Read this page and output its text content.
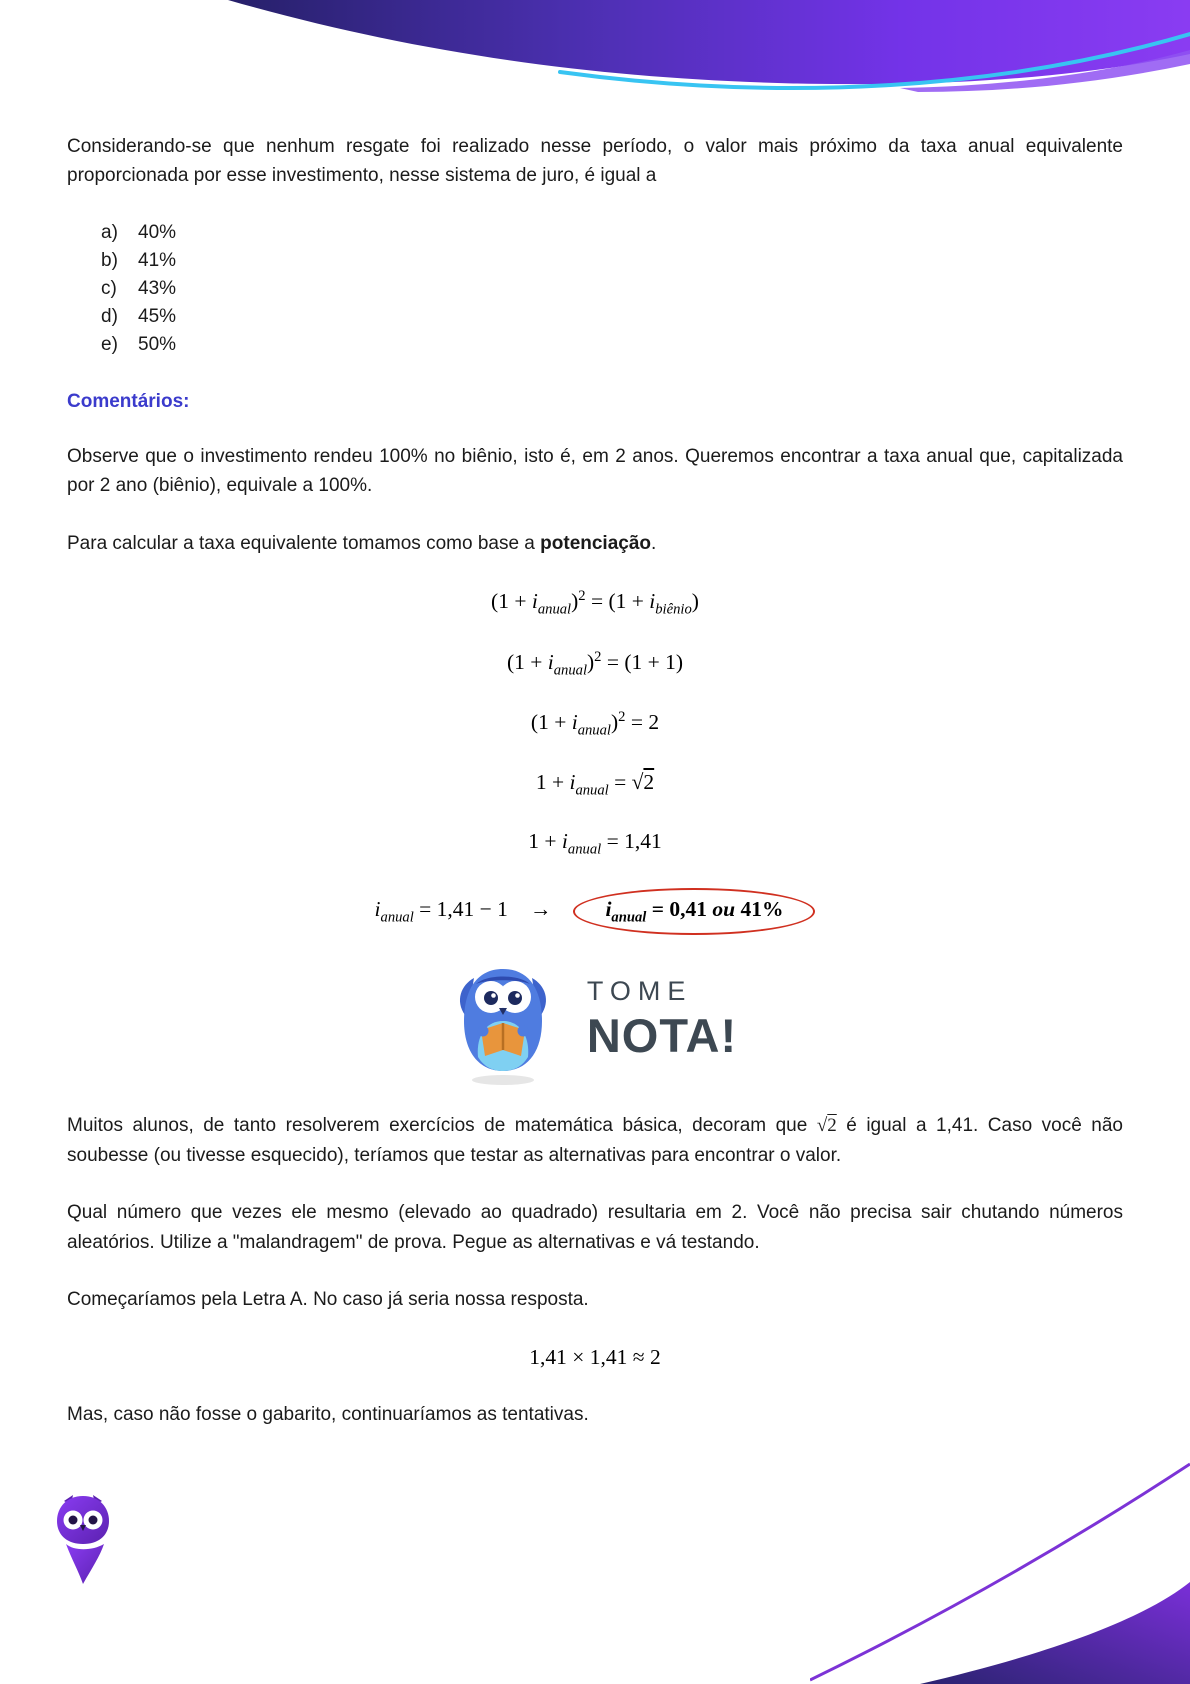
Considerando-se que nenhum resgate foi realizado nesse período, o valor mais próximo da taxa anual equivalente proporcionada por esse investimento, nesse sistema de juro, é igual a

a)	40%
b)	41%
c)	43%
d)	45%
e)	50%
Comentários:

Observe que o investimento rendeu 100% no biênio, isto é, em 2 anos. Queremos encontrar a taxa anual que, capitalizada por 2 ano (biênio), equivale a 100%.

Para calcular a taxa equivalente tomamos como base a potenciação.

$(1 + i_{anual})^2 = (1 + i_{biênio})$
$(1 + i_{anual})^2 = (1 + 1)$
$(1 + i_{anual})^2 = 2$
$1 + i_{anual} = √2$
$1 + i_{anual} = 1,41$
$i_{anual} = 1,41 - 1$ →	$i_{anual} = 0,41$ ou 41%
TOME
NOTA!

Muitos alunos, de tanto resolverem exercícios de matemática básica, decoram que √2 é igual a 1,41. Caso você não soubesse (ou tivesse esquecido), teríamos que testar as alternativas para encontrar o valor.

Qual número que vezes ele mesmo (elevado ao quadrado) resultaria em 2. Você não precisa sair chutando números aleatórios. Utilize a "malandragem" de prova. Pegue as alternativas e vá testando.

Começaríamos pela Letra A. No caso já seria nossa resposta.

1,41 × 1,41 ≈ 2

Mas, caso não fosse o gabarito, continuaríamos as tentativas.
